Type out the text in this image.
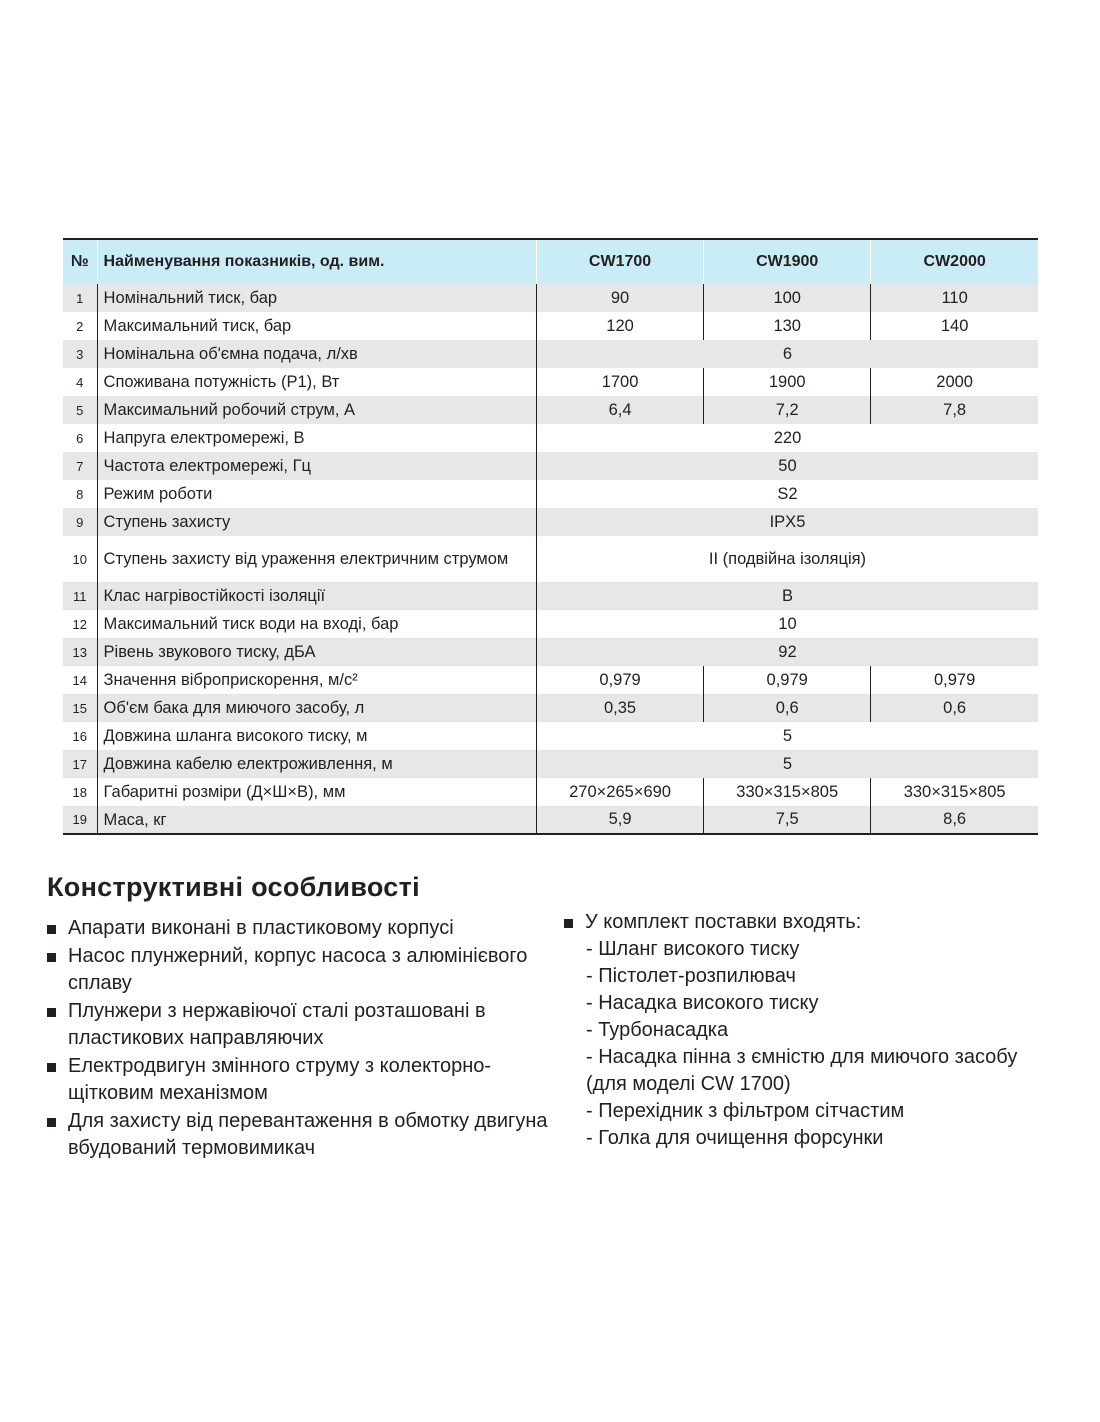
№	Найменування показників, од. вим.	CW1700	CW1900	CW2000
1	Номінальний тиск, бар	90	100	110
2	Максимальний тиск, бар	120	130	140
3	Номінальна об'ємна подача, л/хв	6		
4	Споживана потужність (P1), Вт	1700	1900	2000
5	Максимальний робочий струм, А	6,4	7,2	7,8
6	Напруга електромережі, В	220		
7	Частота електромережі, Гц	50		
8	Режим роботи	S2		
9	Ступень захисту	IPX5		
10	Ступень захисту від ураження електричним струмом	II (подвійна ізоляція)		
11	Клас нагрівостійкості ізоляції	B		
12	Максимальний тиск води на вході, бар	10		
13	Рівень звукового тиску, дБА	92		
14	Значення віброприскорення, м/с²	0,979	0,979	0,979
15	Об'єм бака для миючого засобу, л	0,35	0,6	0,6
16	Довжина шланга високого тиску, м	5		
17	Довжина кабелю електроживлення, м	5		
18	Габаритні розміри (Д×Ш×В), мм	270×265×690	330×315×805	330×315×805
19	Маса, кг	5,9	7,5	8,6
Конструктивні особливості
Апарати виконані в пластиковому корпусі
Насос плунжерний, корпус насоса з алюмінієвого сплаву
Плунжери з нержавіючої сталі розташовані в пластикових направляючих
Електродвигун змінного струму з колекторно-щітковим механізмом
Для захисту від перевантаження в обмотку двигуна вбудований термовимикач
У комплект поставки входять:
- Шланг високого тиску
- Пістолет-розпилювач
- Насадка високого тиску
- Турбонасадка
- Насадка пінна з ємністю для миючого засобу
(для моделі CW 1700)
- Перехідник з фільтром сітчастим
- Голка для очищення форсунки
